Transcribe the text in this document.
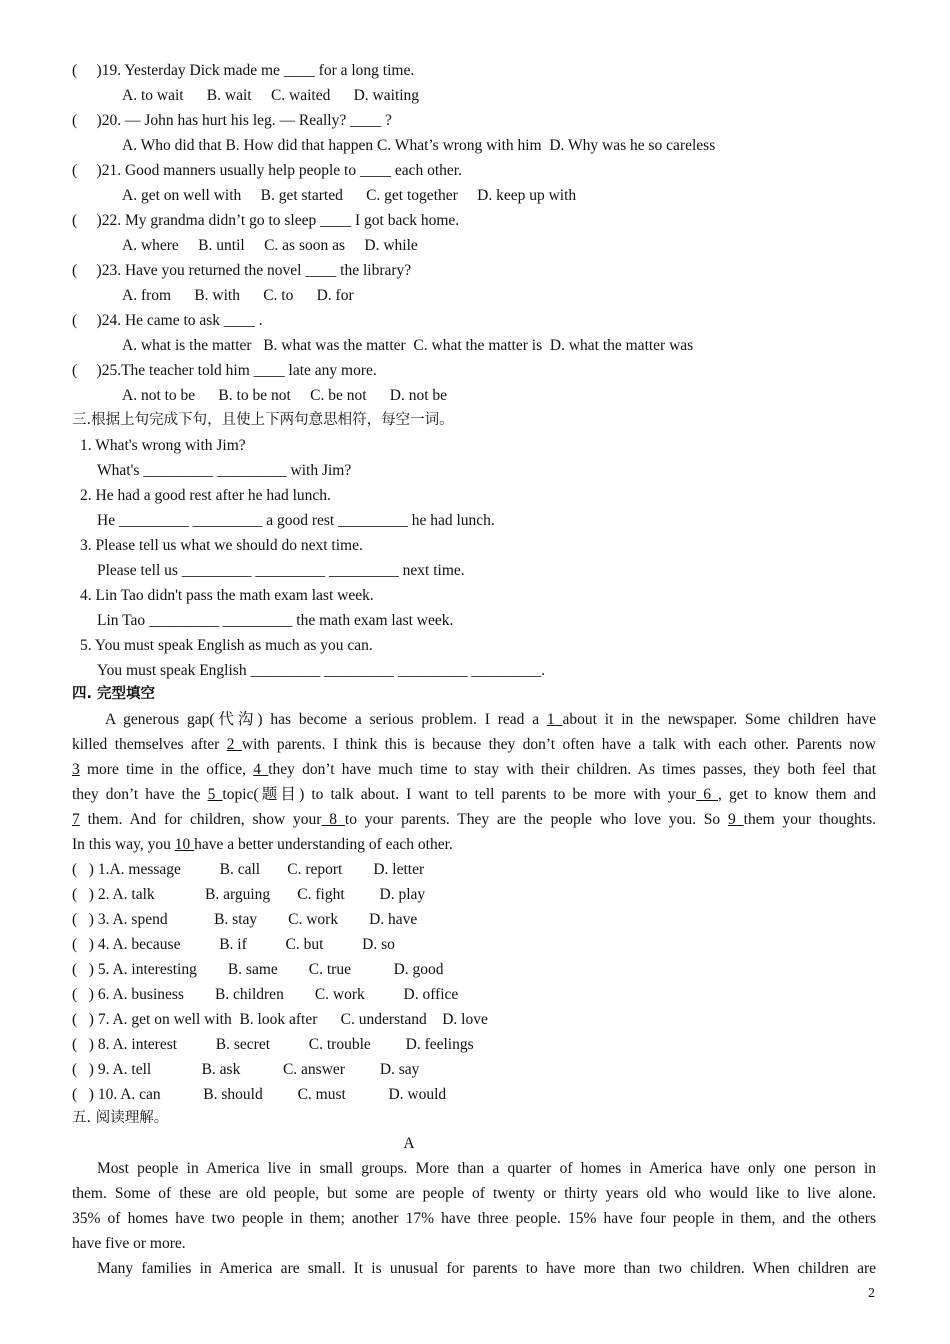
(     )19. Yesterday Dick made me ____ for a long time.
A. to wait      B. wait     C. waited      D. waiting
(     )20. — John has hurt his leg. — Really? ____ ?
A. Who did that B. How did that happen C. What’s wrong with him  D. Why was he so careless
(     )21. Good manners usually help people to ____ each other.
A. get on well with     B. get started      C. get together     D. keep up with
(     )22. My grandma didn’t go to sleep ____ I got back home.
A. where     B. until     C. as soon as     D. while
(     )23. Have you returned the novel ____ the library?
A. from      B. with      C. to      D. for
(     )24. He came to ask ____ .
A. what is the matter   B. what was the matter  C. what the matter is  D. what the matter was
(     )25.The teacher told him ____ late any more.
A. not to be      B. to be not     C. be not      D. not be
三.根据上句完成下句，且使上下两句意思相符，每空一词。
1. What's wrong with Jim?
What's _________ _________ with Jim?
2. He had a good rest after he had lunch.
He _________ _________ a good rest _________ he had lunch.
3. Please tell us what we should do next time.
Please tell us _________ _________ _________ next time.
4. Lin Tao didn't pass the math exam last week.
Lin Tao _________ _________ the math exam last week.
5. You must speak English as much as you can.
You must speak English _________ _________ _________ _________.
四. 完型填空
A generous gap(代沟) has become a serious problem. I read a 1 about it in the newspaper. Some children have
killed themselves after 2 with parents. I think this is because they don’t often have a talk with each other. Parents now
3 more time in the office, 4 they don’t have much time to stay with their children. As times passes, they both feel that
they don’t have the 5 topic(题目) to talk about. I want to tell parents to be more with your 6 , get to know them and
7 them. And for children, show your 8 to your parents. They are the people who love you. So 9 them your thoughts.
In this way, you 10 have a better understanding of each other.
(   ) 1.A. message          B. call       C. report        D. letter
(   ) 2. A. talk             B. arguing       C. fight         D. play
(   ) 3. A. spend            B. stay        C. work        D. have
(   ) 4. A. because          B. if          C. but          D. so
(   ) 5. A. interesting        B. same        C. true           D. good
(   ) 6. A. business        B. children        C. work          D. office
(   ) 7. A. get on well with  B. look after      C. understand    D. love
(   ) 8. A. interest          B. secret          C. trouble         D. feelings
(   ) 9. A. tell             B. ask           C. answer         D. say
(   ) 10. A. can           B. should         C. must           D. would
五. 阅读理解。
A
Most people in America live in small groups. More than a quarter of homes in America have only one person in
them. Some of these are old people, but some are people of twenty or thirty years old who would like to live alone.
35% of homes have two people in them; another 17% have three people. 15% have four people in them, and the others
have five or more.
Many families in America are small. It is unusual for parents to have more than two children. When children are
2
